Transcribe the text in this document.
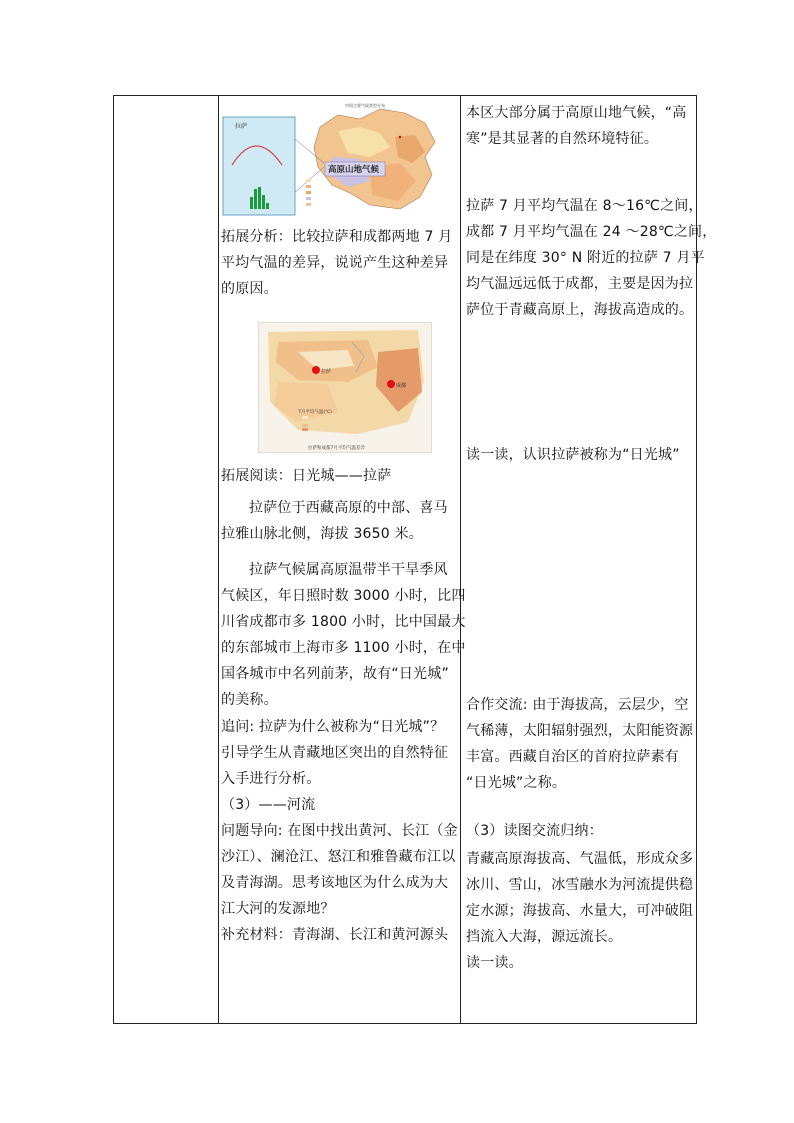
中国主要气候类型分布
拉萨
高原山地气候
拓展分析：比较拉萨和成都两地 7 月
平均气温的差异，说说产生这种差异
的原因。
拉萨
成都
7月平均气温(℃)
拉萨和成都7月平均气温差异
拓展阅读：日光城——拉萨
拉萨位于西藏高原的中部、喜马
拉雅山脉北侧，海拔 3650 米。
拉萨气候属高原温带半干旱季风
气候区，年日照时数 3000 小时，比四
川省成都市多 1800 小时，比中国最大
的东部城市上海市多 1100 小时，在中
国各城市中名列前茅，故有“日光城”
的美称。
追问: 拉萨为什么被称为“日光城”？
引导学生从青藏地区突出的自然特征
入手进行分析。
（3）——河流
问题导向: 在图中找出黄河、长江（金
沙江）、澜沧江、怒江和雅鲁藏布江以
及青海湖。思考该地区为什么成为大
江大河的发源地？
补充材料：青海湖、长江和黄河源头
本区大部分属于高原山地气候，“高
寒”是其显著的自然环境特征。
拉萨 7 月平均气温在 8～16℃之间，
成都 7 月平均气温在 24 ～28℃之间，
同是在纬度 30° N 附近的拉萨 7 月平
均气温远远低于成都，主要是因为拉
萨位于青藏高原上，海拔高造成的。
读一读，认识拉萨被称为“日光城”
合作交流: 由于海拔高，云层少，空
气稀薄，太阳辐射强烈，太阳能资源
丰富。西藏自治区的首府拉萨素有
“日光城”之称。
（3）读图交流归纳：
青藏高原海拔高、气温低，形成众多
冰川、雪山，冰雪融水为河流提供稳
定水源；海拔高、水量大，可冲破阻
挡流入大海，源远流长。
读一读。
